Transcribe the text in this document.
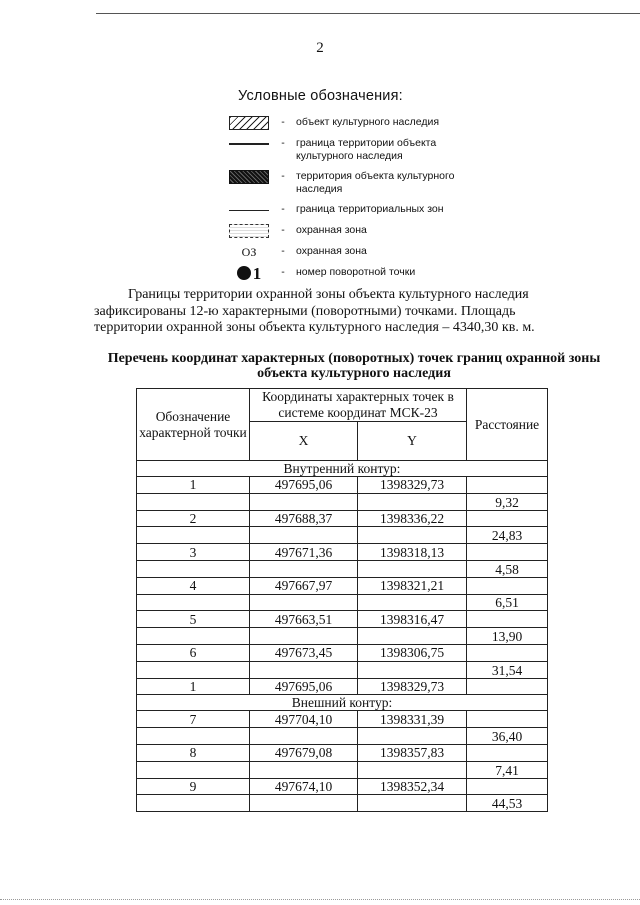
2
Условные обозначения:
-	объект культурного наследия
-	граница территории объекта культурного наследия
-	территория объекта культурного наследия
-	граница территориальных зон
-	охранная зона
ОЗ	-	охранная зона
1	-	номер поворотной точки
Границы территории охранной зоны объекта культурного наследия
зафиксированы 12-ю характерными (поворотными) точками. Площадь
территории охранной зоны объекта культурного наследия – 4340,30 кв. м.
Перечень координат характерных (поворотных) точек границ охранной зоны объекта культурного наследия
Обозначение характерной точки	Координаты характерных точек в системе координат МСК-23		Расстояние
	X	Y	
Внутренний контур:			
1	497695,06	1398329,73	
			9,32
2	497688,37	1398336,22	
			24,83
3	497671,36	1398318,13	
			4,58
4	497667,97	1398321,21	
			6,51
5	497663,51	1398316,47	
			13,90
6	497673,45	1398306,75	
			31,54
1	497695,06	1398329,73	
Внешний контур:			
7	497704,10	1398331,39	
			36,40
8	497679,08	1398357,83	
			7,41
9	497674,10	1398352,34	
			44,53
